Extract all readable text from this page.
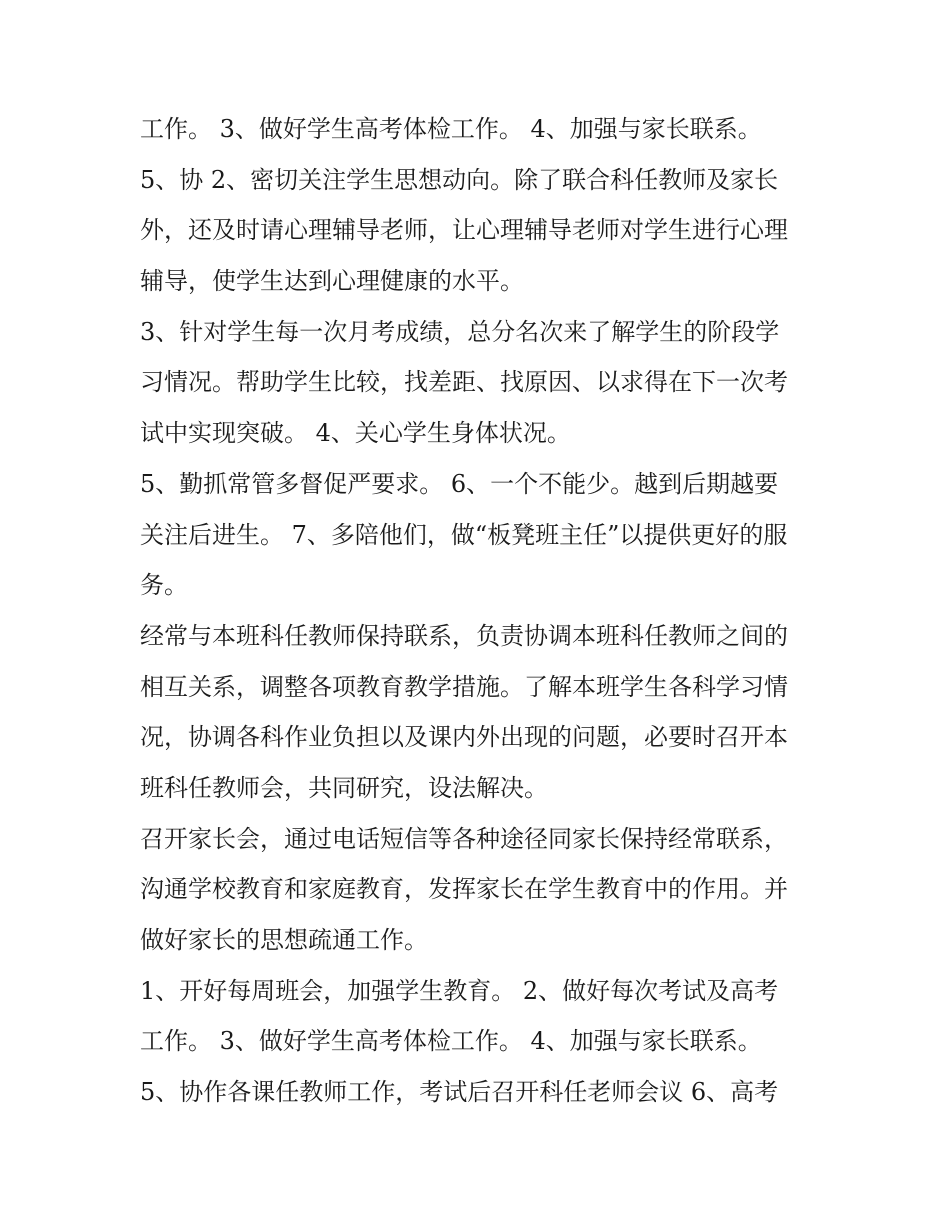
工作。 3、做好学生高考体检工作。 4、加强与家长联系。
5、协 2、密切关注学生思想动向。除了联合科任教师及家长
外，还及时请心理辅导老师，让心理辅导老师对学生进行心理
辅导，使学生达到心理健康的水平。
3、针对学生每一次月考成绩，总分名次来了解学生的阶段学
习情况。帮助学生比较，找差距、找原因、以求得在下一次考
试中实现突破。 4、关心学生身体状况。
5、勤抓常管多督促严要求。 6、一个不能少。越到后期越要
关注后进生。 7、多陪他们，做“板凳班主任”以提供更好的服
务。
经常与本班科任教师保持联系，负责协调本班科任教师之间的
相互关系，调整各项教育教学措施。了解本班学生各科学习情
况，协调各科作业负担以及课内外出现的问题，必要时召开本
班科任教师会，共同研究，设法解决。
召开家长会，通过电话短信等各种途径同家长保持经常联系，
沟通学校教育和家庭教育，发挥家长在学生教育中的作用。并
做好家长的思想疏通工作。
1、开好每周班会，加强学生教育。 2、做好每次考试及高考
工作。 3、做好学生高考体检工作。 4、加强与家长联系。
5、协作各课任教师工作，考试后召开科任老师会议 6、高考
